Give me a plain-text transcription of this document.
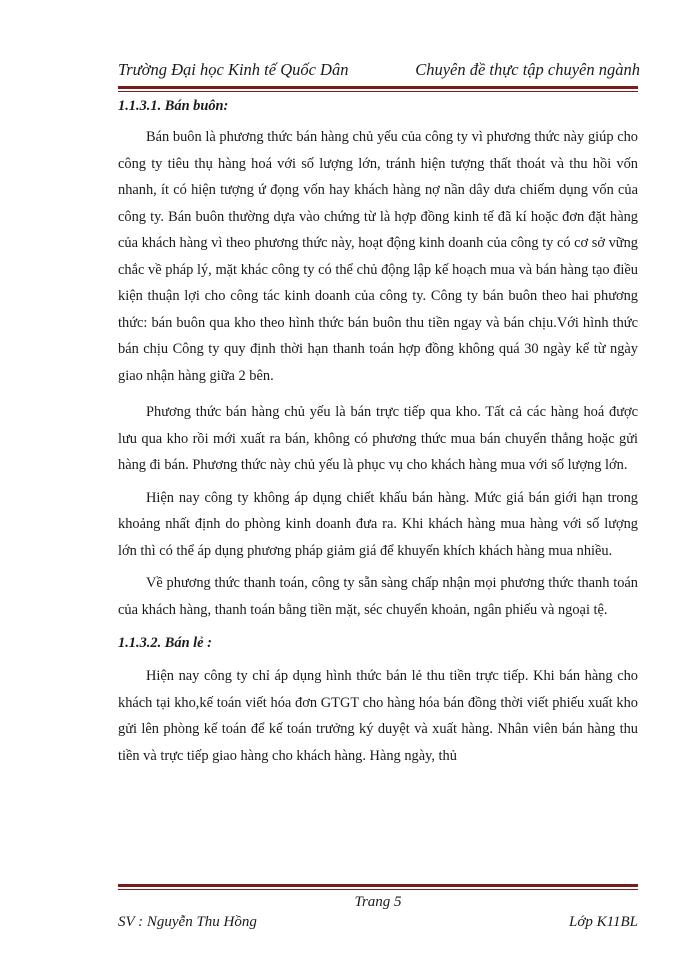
Trường Đại học Kinh tế Quốc Dân	Chuyên đề thực tập chuyên ngành
1.1.3.1. Bán buôn:

Bán buôn là phương thức bán hàng chủ yếu của công ty vì phương thức này giúp cho công ty tiêu thụ hàng hoá với số lượng lớn, tránh hiện tượng thất thoát và thu hồi vốn nhanh, ít có hiện tượng ứ đọng vốn hay khách hàng nợ nần dây dưa chiếm dụng vốn của công ty. Bán buôn thường dựa vào chứng từ là hợp đồng kinh tế đã kí hoặc đơn đặt hàng của khách hàng vì theo phương thức này, hoạt động kinh doanh của công ty có cơ sở vững chắc về pháp lý, mặt khác công ty có thể chủ động lập kế hoạch mua và bán hàng tạo điều kiện thuận lợi cho công tác kinh doanh của công ty. Công ty bán buôn theo hai phương thức: bán buôn qua kho theo hình thức bán buôn thu tiền ngay và bán chịu.Với hình thức bán chịu Công ty quy định thời hạn thanh toán hợp đồng không quá 30 ngày kể từ ngày giao nhận hàng giữa 2 bên.

Phương thức bán hàng chủ yếu là bán trực tiếp qua kho. Tất cả các hàng hoá được lưu qua kho rồi mới xuất ra bán, không có phương thức mua bán chuyển thẳng hoặc gửi hàng đi bán. Phương thức này chủ yếu là phục vụ cho khách hàng mua với số lượng lớn.

Hiện nay công ty không áp dụng chiết khấu bán hàng. Mức giá bán giới hạn trong khoảng nhất định do phòng kinh doanh đưa ra. Khi khách hàng mua hàng với số lượng lớn thì có thể áp dụng phương pháp giảm giá để khuyến khích khách hàng mua nhiều.

Về phương thức thanh toán, công ty sẵn sàng chấp nhận mọi phương thức thanh toán của khách hàng, thanh toán bằng tiền mặt, séc chuyển khoản, ngân phiếu và ngoại tệ.

1.1.3.2. Bán lẻ :

Hiện nay công ty chỉ áp dụng hình thức bán lẻ thu tiền trực tiếp. Khi bán hàng cho khách tại kho,kế toán viết hóa đơn GTGT cho hàng hóa bán đồng thời viết phiếu xuất kho gửi lên phòng kế toán để kế toán trưởng ký duyệt và xuất hàng. Nhân viên bán hàng thu tiền và trực tiếp giao hàng cho khách hàng. Hàng ngày, thủ

Trang 5
SV : Nguyễn Thu Hồng	Lớp K11BL
